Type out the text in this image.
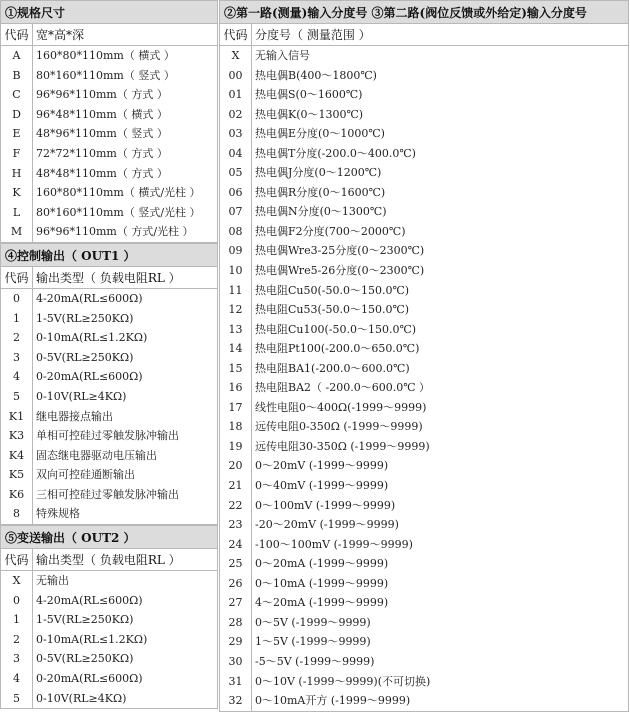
①规格尺寸
代码 宽*高*深
A	160*80*110mm（ 横式 ）
B	80*160*110mm（ 竖式 ）
C	96*96*110mm（ 方式 ）
D	96*48*110mm（ 横式 ）
E	48*96*110mm（ 竖式 ）
F	72*72*110mm（ 方式 ）
H	48*48*110mm（ 方式 ）
K	160*80*110mm（ 横式/光柱 ）
L	80*160*110mm（ 竖式/光柱 ）
M	96*96*110mm（ 方式/光柱 ）
④控制输出（ OUT1 ）
代码 输出类型（ 负载电阻RL ）
0	4-20mA(RL≤600Ω)
1	1-5V(RL≥250KΩ)
2	0-10mA(RL≤1.2KΩ)
3	0-5V(RL≥250KΩ)
4	0-20mA(RL≤600Ω)
5	0-10V(RL≥4KΩ)
K1	继电器接点输出
K3	单相可控硅过零触发脉冲输出
K4	固态继电器驱动电压输出
K5	双向可控硅通断输出
K6	三相可控硅过零触发脉冲输出
8	特殊规格
⑤变送输出（ OUT2 ）
代码 输出类型（ 负载电阻RL ）
X	无输出
0	4-20mA(RL≤600Ω)
1	1-5V(RL≥250KΩ)
2	0-10mA(RL≤1.2KΩ)
3	0-5V(RL≥250KΩ)
4	0-20mA(RL≤600Ω)
5	0-10V(RL≥4KΩ)
②第一路(测量)输入分度号 ③第二路(阀位反馈或外给定)输入分度号
代码 分度号（ 测量范围 ）
X	无输入信号
00	热电偶B(400～1800℃)
01	热电偶S(0～1600℃)
02	热电偶K(0～1300℃)
03	热电偶E分度(0～1000℃)
04	热电偶T分度(-200.0～400.0℃)
05	热电偶J分度(0～1200℃)
06	热电偶R分度(0～1600℃)
07	热电偶N分度(0～1300℃)
08	热电偶F2分度(700～2000℃)
09	热电偶Wre3-25分度(0～2300℃)
10	热电偶Wre5-26分度(0～2300℃)
11	热电阻Cu50(-50.0～150.0℃)
12	热电阻Cu53(-50.0～150.0℃)
13	热电阻Cu100(-50.0～150.0℃)
14	热电阻Pt100(-200.0～650.0℃)
15	热电阻BA1(-200.0～600.0℃)
16	热电阻BA2（ -200.0～600.0℃ ）
17	线性电阻0～400Ω(-1999～9999)
18	远传电阻0-350Ω (-1999～9999)
19	远传电阻30-350Ω (-1999～9999)
20	0～20mV (-1999～9999)
21	0～40mV (-1999～9999)
22	0～100mV (-1999～9999)
23	-20～20mV (-1999～9999)
24	-100～100mV (-1999～9999)
25	0～20mA (-1999～9999)
26	0～10mA (-1999～9999)
27	4～20mA (-1999～9999)
28	0～5V (-1999～9999)
29	1～5V (-1999～9999)
30	-5～5V (-1999～9999)
31	0～10V (-1999～9999)(不可切换)
32	0～10mA开方 (-1999～9999)
